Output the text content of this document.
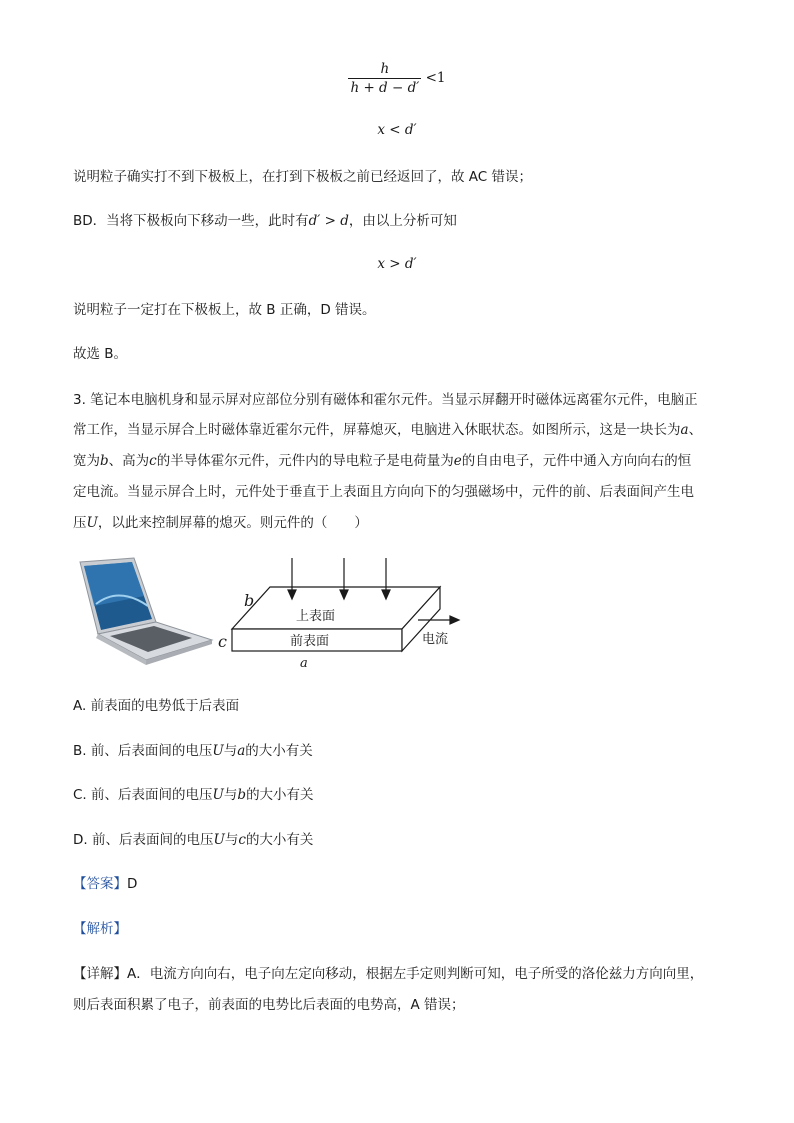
$\frac{h}{h + d - d'} <1$
x < d′
说明粒子确实打不到下极板上，在打到下极板之前已经返回了，故 AC 错误；
BD．当将下极板向下移动一些，此时有d′ > d，由以上分析可知
x > d′
说明粒子一定打在下极板上，故 B 正确，D 错误。
故选 B。
3. 笔记本电脑机身和显示屏对应部位分别有磁体和霍尔元件。当显示屏翻开时磁体远离霍尔元件，电脑正
常工作，当显示屏合上时磁体靠近霍尔元件，屏幕熄灭，电脑进入休眠状态。如图所示，这是一块长为a、
宽为b、高为c的半导体霍尔元件，元件内的导电粒子是电荷量为e的自由电子，元件中通入方向向右的恒
定电流。当显示屏合上时，元件处于垂直于上表面且方向向下的匀强磁场中，元件的前、后表面间产生电
压U，以此来控制屏幕的熄灭。则元件的（　　）
上表面
前表面	电流
b
c
a
A. 前表面的电势低于后表面
B. 前、后表面间的电压U与a的大小有关
C. 前、后表面间的电压U与b的大小有关
D. 前、后表面间的电压U与c的大小有关
【答案】D
【解析】
【详解】A．电流方向向右，电子向左定向移动，根据左手定则判断可知，电子所受的洛伦兹力方向向里，
则后表面积累了电子，前表面的电势比后表面的电势高，A 错误；
